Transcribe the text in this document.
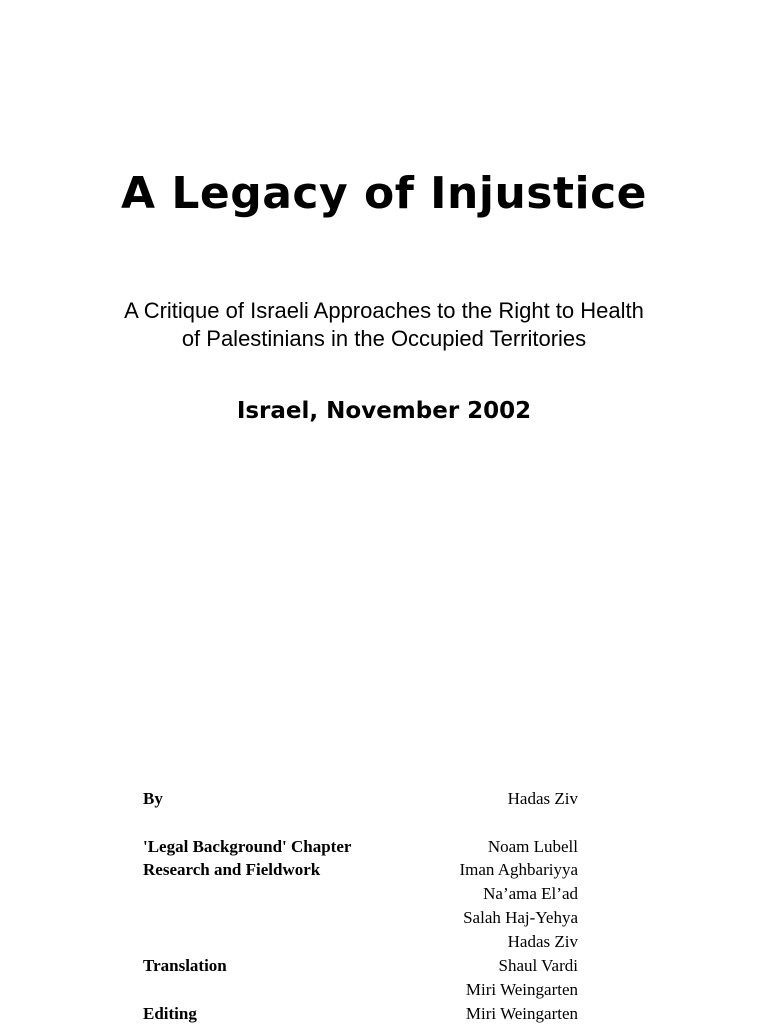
A Legacy of Injustice
A Critique of Israeli Approaches to the Right to Health
of Palestinians in the Occupied Territories
Israel, November 2002
By	Hadas Ziv
'Legal Background' Chapter	Noam Lubell
Research and Fieldwork	Iman Aghbariyya
Na’ama El’ad
Salah Haj-Yehya
Hadas Ziv
Translation	Shaul Vardi
Miri Weingarten
Editing	Miri Weingarten
